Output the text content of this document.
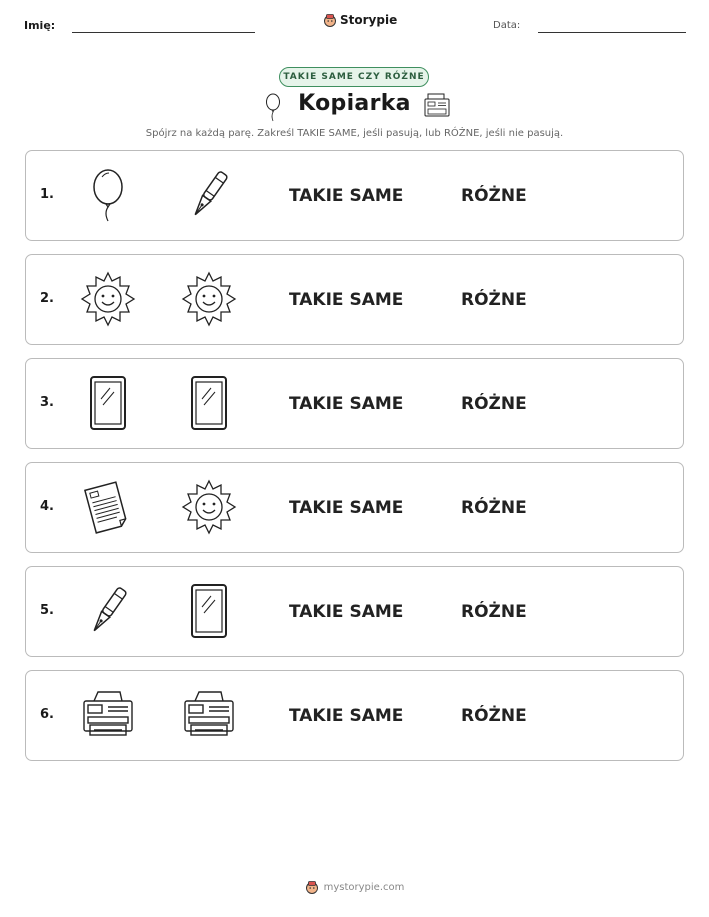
Imię:	Storypie	Data:
TAKIE SAME CZY RÓŻNE
Kopiarka
Spójrz na każdą parę. Zakreśl TAKIE SAME, jeśli pasują, lub RÓŻNE, jeśli nie pasują.
1.	TAKIE SAME	RÓŻNE
2.	TAKIE SAME	RÓŻNE
3.	TAKIE SAME	RÓŻNE
4.	TAKIE SAME	RÓŻNE
5.	TAKIE SAME	RÓŻNE
6.	TAKIE SAME	RÓŻNE
mystorypie.com
